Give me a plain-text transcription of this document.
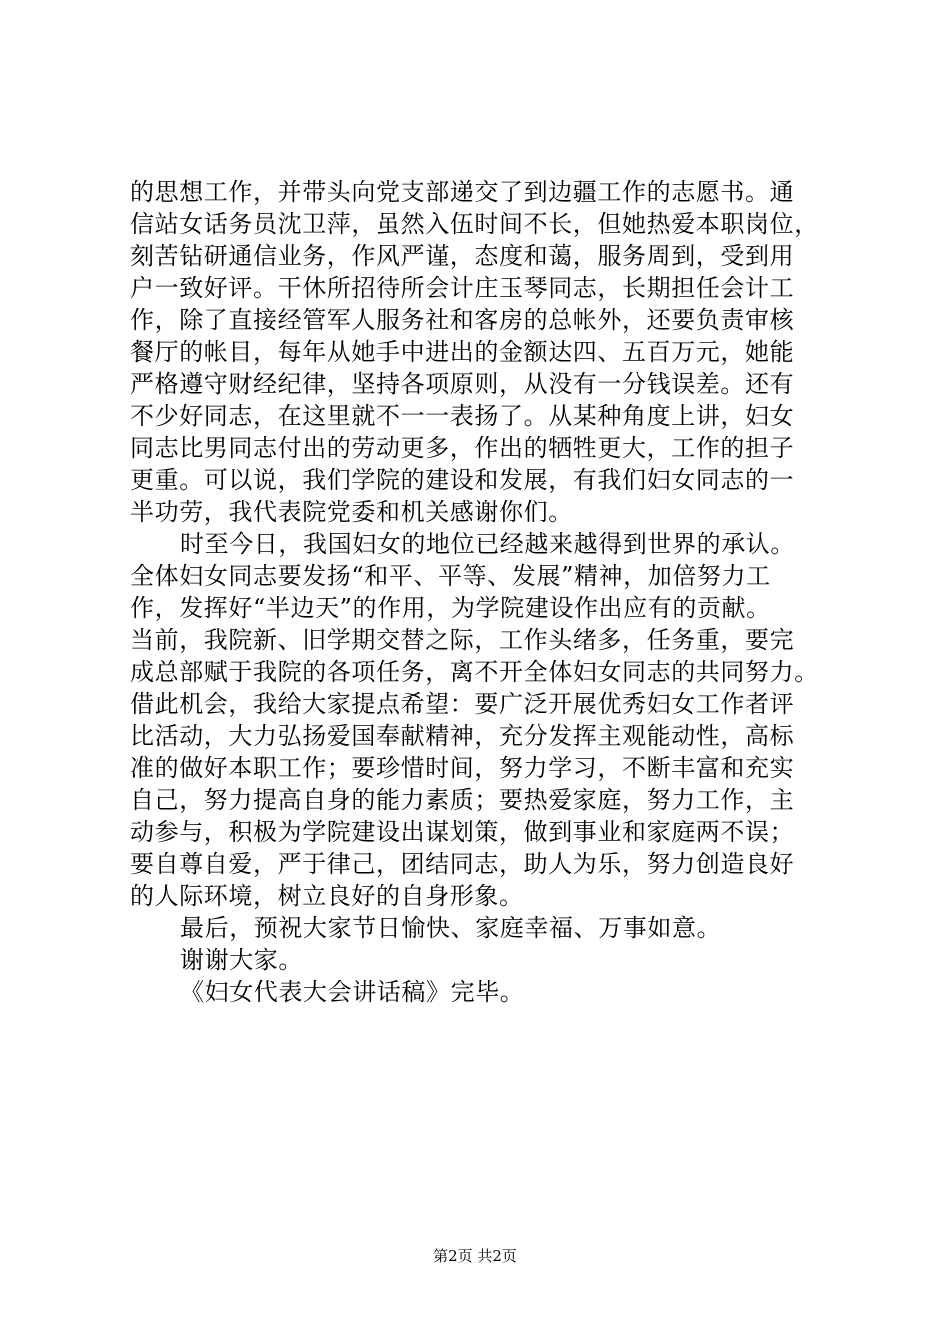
的思想工作，并带头向党支部递交了到边疆工作的志愿书。通
信站女话务员沈卫萍，虽然入伍时间不长，但她热爱本职岗位，
刻苦钻研通信业务，作风严谨，态度和蔼，服务周到，受到用
户一致好评。干休所招待所会计庄玉琴同志，长期担任会计工
作，除了直接经管军人服务社和客房的总帐外，还要负责审核
餐厅的帐目，每年从她手中进出的金额达四、五百万元，她能
严格遵守财经纪律，坚持各项原则，从没有一分钱误差。还有
不少好同志，在这里就不一一表扬了。从某种角度上讲，妇女
同志比男同志付出的劳动更多，作出的牺牲更大，工作的担子
更重。可以说，我们学院的建设和发展，有我们妇女同志的一
半功劳，我代表院党委和机关感谢你们。
时至今日，我国妇女的地位已经越来越得到世界的承认。
全体妇女同志要发扬“和平、平等、发展”精神，加倍努力工
作，发挥好“半边天”的作用，为学院建设作出应有的贡献。
当前，我院新、旧学期交替之际，工作头绪多，任务重，要完
成总部赋于我院的各项任务，离不开全体妇女同志的共同努力。
借此机会，我给大家提点希望：要广泛开展优秀妇女工作者评
比活动，大力弘扬爱国奉献精神，充分发挥主观能动性，高标
准的做好本职工作；要珍惜时间，努力学习，不断丰富和充实
自己，努力提高自身的能力素质；要热爱家庭，努力工作，主
动参与，积极为学院建设出谋划策，做到事业和家庭两不误；
要自尊自爱，严于律己，团结同志，助人为乐，努力创造良好
的人际环境，树立良好的自身形象。
最后，预祝大家节日愉快、家庭幸福、万事如意。
谢谢大家。
《妇女代表大会讲话稿》完毕。
第2页 共2页
